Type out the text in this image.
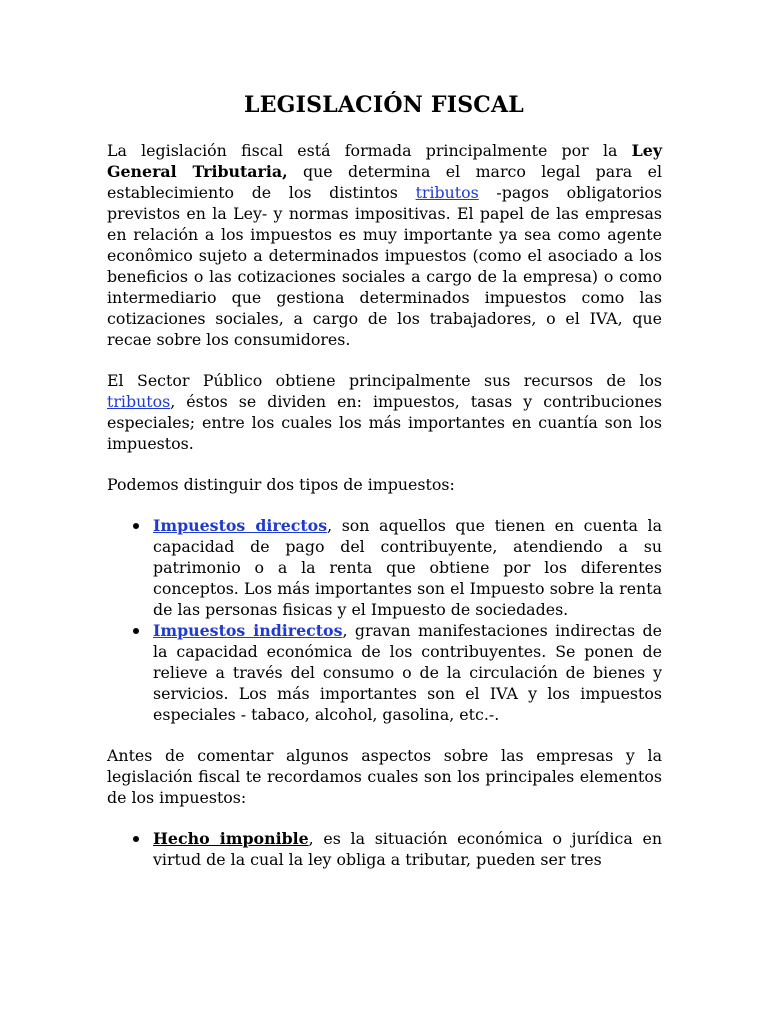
LEGISLACIÓN FISCAL

La legislación fiscal está formada principalmente por la Ley General Tributaria, que determina el marco legal para el establecimiento de los distintos tributos -pagos obligatorios previstos en la Ley- y normas impositivas. El papel de las empresas en relación a los impuestos es muy importante ya sea como agente econômico sujeto a determinados impuestos (como el asociado a los beneficios o las cotizaciones sociales a cargo de la empresa) o como intermediario que gestiona determinados impuestos como las cotizaciones sociales, a cargo de los trabajadores, o el IVA, que recae sobre los consumidores.

El Sector Público obtiene principalmente sus recursos de los tributos, éstos se dividen en: impuestos, tasas y contribuciones especiales; entre los cuales los más importantes en cuantía son los impuestos.

Podemos distinguir dos tipos de impuestos:

Impuestos directos, son aquellos que tienen en cuenta la capacidad de pago del contribuyente, atendiendo a su patrimonio o a la renta que obtiene por los diferentes conceptos. Los más importantes son el Impuesto sobre la renta de las personas fisicas y el Impuesto de sociedades.
Impuestos indirectos, gravan manifestaciones indirectas de la capacidad económica de los contribuyentes. Se ponen de relieve a través del consumo o de la circulación de bienes y servicios. Los más importantes son el IVA y los impuestos especiales - tabaco, alcohol, gasolina, etc.-.

Antes de comentar algunos aspectos sobre las empresas y la legislación fiscal te recordamos cuales son los principales elementos de los impuestos:

Hecho imponible, es la situación económica o jurídica en virtud de la cual la ley obliga a tributar, pueden ser tres
